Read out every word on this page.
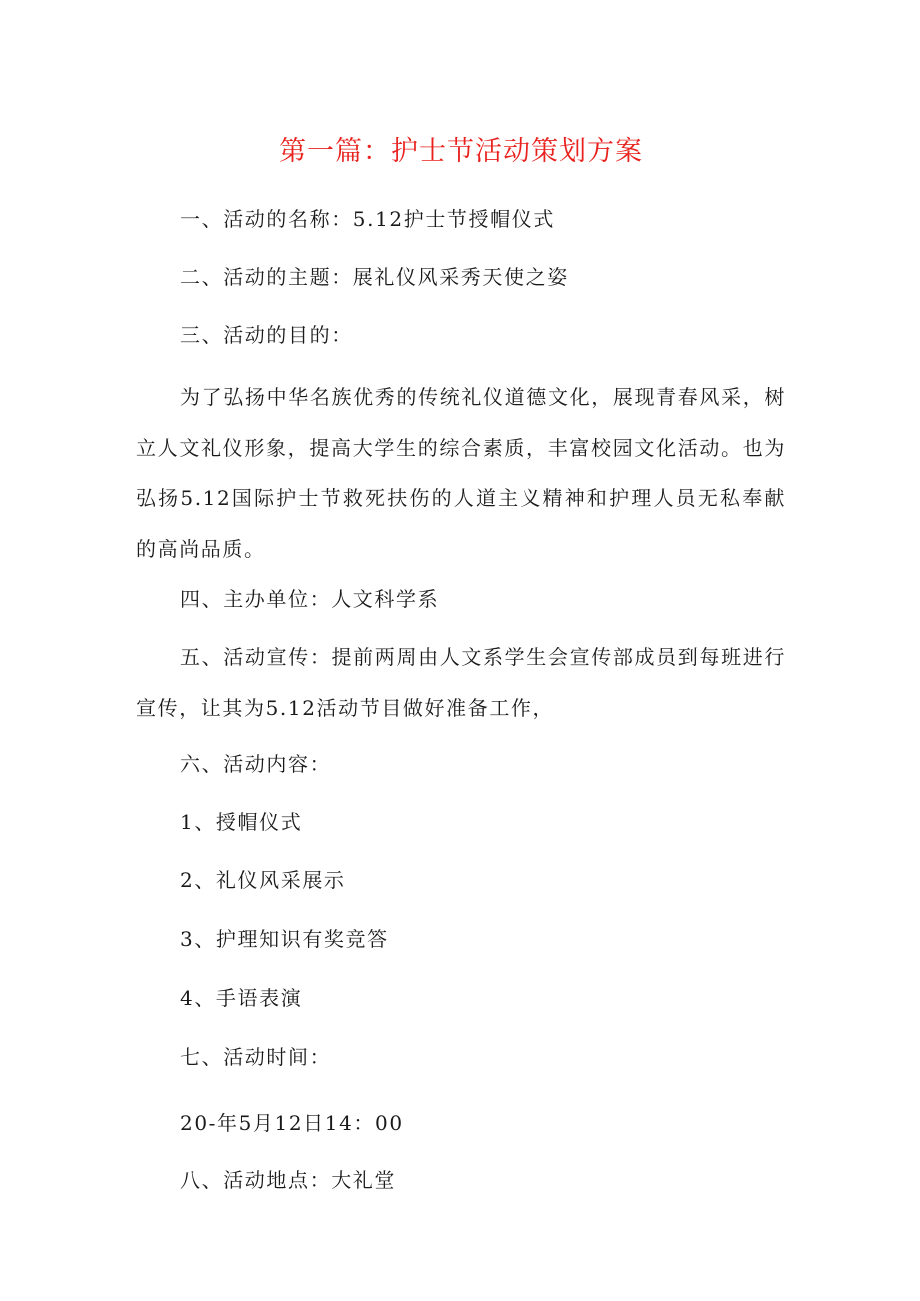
第一篇：护士节活动策划方案
一、活动的名称：5.12护士节授帽仪式
二、活动的主题：展礼仪风采秀天使之姿
三、活动的目的：
为了弘扬中华名族优秀的传统礼仪道德文化，展现青春风采，树立人文礼仪形象，提高大学生的综合素质，丰富校园文化活动。也为弘扬5.12国际护士节救死扶伤的人道主义精神和护理人员无私奉献的高尚品质。
四、主办单位：人文科学系
五、活动宣传：提前两周由人文系学生会宣传部成员到每班进行宣传，让其为5.12活动节目做好准备工作，
六、活动内容：
1、授帽仪式
2、礼仪风采展示
3、护理知识有奖竞答
4、手语表演
七、活动时间：
20-年5月12日14：00
八、活动地点：大礼堂
